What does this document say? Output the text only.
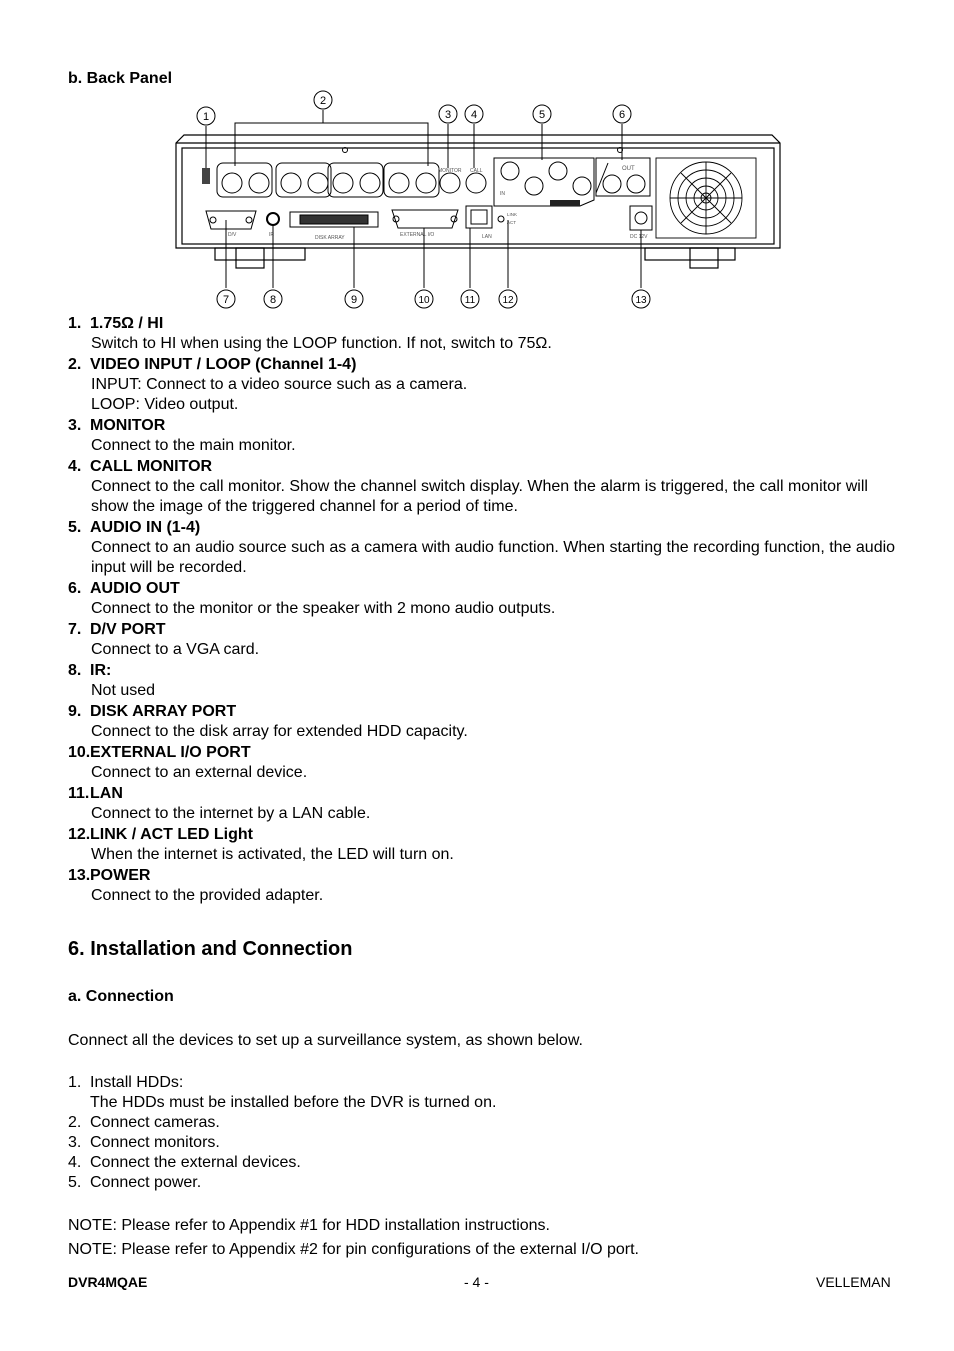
b. Back Panel
MONITOR CALL
IN
OUT
D/V	IR	DISK ARRAY	EXTERNAL I/O	LAN
LINK
ACT
DC 12V
1
2
3 4	5	6
7	8	9	10	11	12	13
1. 1.75Ω / HI
Switch to HI when using the LOOP function. If not, switch to 75Ω.
2. VIDEO INPUT / LOOP (Channel 1-4)
INPUT: Connect to a video source such as a camera.
LOOP: Video output.
3. MONITOR
Connect to the main monitor.
4. CALL MONITOR
Connect to the call monitor. Show the channel switch display. When the alarm is triggered, the call monitor will
show the image of the triggered channel for a period of time.
5. AUDIO IN (1-4)
Connect to an audio source such as a camera with audio function. When starting the recording function, the audio
input will be recorded.
6. AUDIO OUT
Connect to the monitor or the speaker with 2 mono audio outputs.
7. D/V PORT
Connect to a VGA card.
8. IR:
Not used
9. DISK ARRAY PORT
Connect to the disk array for extended HDD capacity.
10.EXTERNAL I/O PORT
Connect to an external device.
11.LAN
Connect to the internet by a LAN cable.
12.LINK / ACT LED Light
When the internet is activated, the LED will turn on.
13.POWER
Connect to the provided adapter.
6. Installation and Connection
a. Connection
Connect all the devices to set up a surveillance system, as shown below.
1. Install HDDs:
The HDDs must be installed before the DVR is turned on.
2. Connect cameras.
3. Connect monitors.
4. Connect the external devices.
5. Connect power.
NOTE: Please refer to Appendix #1 for HDD installation instructions.
NOTE: Please refer to Appendix #2 for pin configurations of the external I/O port.
DVR4MQAE	- 4 -	VELLEMAN
